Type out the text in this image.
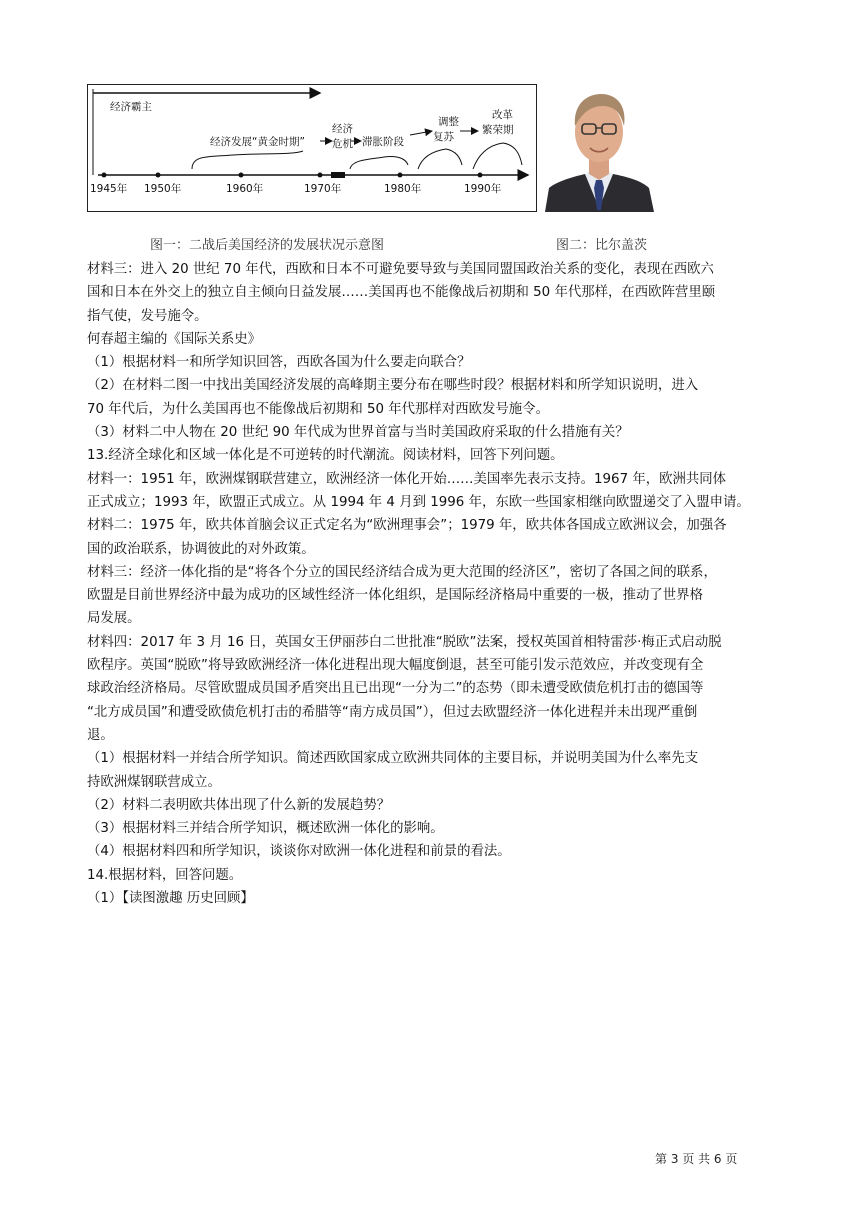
经济霸主
1945年 1950年	1960年	1970年	1980年	1990年
经济发展“黄金时期”
经济
危机 滞胀阶段
调整
复苏
改革
繁荣期
图一：二战后美国经济的发展状况示意图	图二：比尔盖茨
材料三：进入 20 世纪 70 年代，西欧和日本不可避免要导致与美国同盟国政治关系的变化，表现在西欧六
国和日本在外交上的独立自主倾向日益发展……美国再也不能像战后初期和 50 年代那样，在西欧阵营里颐
指气使，发号施令。
何春超主编的《国际关系史》
（1）根据材料一和所学知识回答，西欧各国为什么要走向联合？
（2）在材料二图一中找出美国经济发展的高峰期主要分布在哪些时段？根据材料和所学知识说明，进入
70 年代后，为什么美国再也不能像战后初期和 50 年代那样对西欧发号施令。
（3）材料二中人物在 20 世纪 90 年代成为世界首富与当时美国政府采取的什么措施有关？
13.经济全球化和区域一体化是不可逆转的时代潮流。阅读材料，回答下列问题。
材料一：1951 年，欧洲煤钢联营建立，欧洲经济一体化开始……美国率先表示支持。1967 年，欧洲共同体
正式成立；1993 年，欧盟正式成立。从 1994 年 4 月到 1996 年，东欧一些国家相继向欧盟递交了入盟申请。
材料二：1975 年，欧共体首脑会议正式定名为“欧洲理事会”；1979 年，欧共体各国成立欧洲议会，加强各
国的政治联系，协调彼此的对外政策。
材料三：经济一体化指的是“将各个分立的国民经济结合成为更大范围的经济区”，密切了各国之间的联系，
欧盟是目前世界经济中最为成功的区域性经济一体化组织，是国际经济格局中重要的一极，推动了世界格
局发展。
材料四：2017 年 3 月 16 日，英国女王伊丽莎白二世批准“脱欧”法案，授权英国首相特雷莎·梅正式启动脱
欧程序。英国“脱欧”将导致欧洲经济一体化进程出现大幅度倒退，甚至可能引发示范效应，并改变现有全
球政治经济格局。尽管欧盟成员国矛盾突出且已出现“一分为二”的态势（即未遭受欧债危机打击的德国等
“北方成员国”和遭受欧债危机打击的希腊等“南方成员国”），但过去欧盟经济一体化进程并未出现严重倒
退。
（1）根据材料一并结合所学知识。简述西欧国家成立欧洲共同体的主要目标，并说明美国为什么率先支
持欧洲煤钢联营成立。
（2）材料二表明欧共体出现了什么新的发展趋势？
（3）根据材料三并结合所学知识，概述欧洲一体化的影响。
（4）根据材料四和所学知识，谈谈你对欧洲一体化进程和前景的看法。
14.根据材料，回答问题。
（1）【读图激趣 历史回顾】
第 3 页 共 6 页
